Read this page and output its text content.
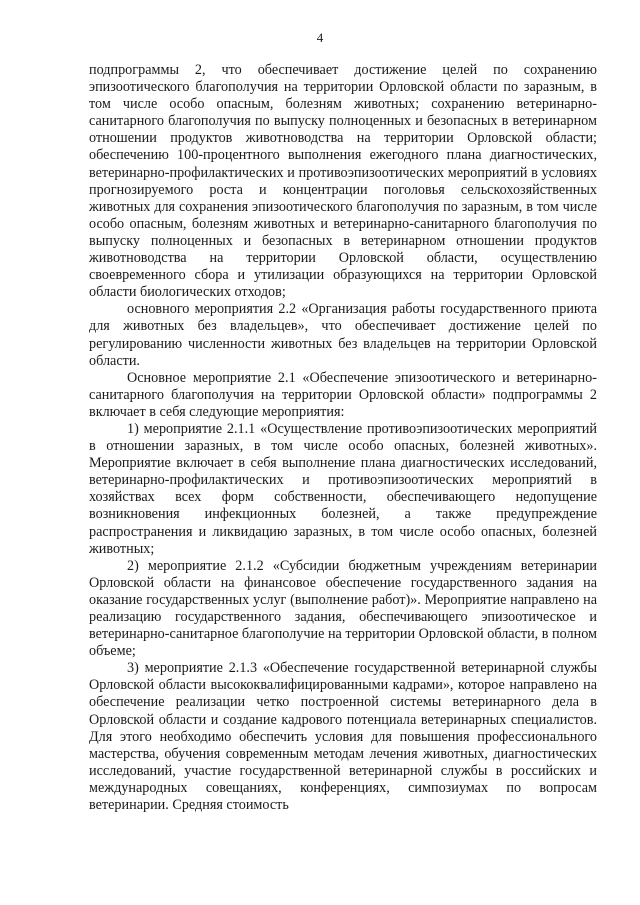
4

подпрограммы 2, что обеспечивает достижение целей по сохранению эпизоотического благополучия на территории Орловской области по заразным, в том числе особо опасным, болезням животных; сохранению ветеринарно-санитарного благополучия по выпуску полноценных и безопасных в ветеринарном отношении продуктов животноводства на территории Орловской области; обеспечению 100-процентного выполнения ежегодного плана диагностических, ветеринарно-профилактических и противоэпизоотических мероприятий в условиях прогнозируемого роста и концентрации поголовья сельскохозяйственных животных для сохранения эпизоотического благополучия по заразным, в том числе особо опасным, болезням животных и ветеринарно-санитарного благополучия по выпуску полноценных и безопасных в ветеринарном отношении продуктов животноводства на территории Орловской области, осуществлению своевременного сбора и утилизации образующихся на территории Орловской области биологических отходов;

основного мероприятия 2.2 «Организация работы государственного приюта для животных без владельцев», что обеспечивает достижение целей по регулированию численности животных без владельцев на территории Орловской области.

Основное мероприятие 2.1 «Обеспечение эпизоотического и ветеринарно-санитарного благополучия на территории Орловской области» подпрограммы 2 включает в себя следующие мероприятия:

1) мероприятие 2.1.1 «Осуществление противоэпизоотических мероприятий в отношении заразных, в том числе особо опасных, болезней животных». Мероприятие включает в себя выполнение плана диагностических исследований, ветеринарно-профилактических и противоэпизоотических мероприятий в хозяйствах всех форм собственности, обеспечивающего недопущение возникновения инфекционных болезней, а также предупреждение распространения и ликвидацию заразных, в том числе особо опасных, болезней животных;

2) мероприятие 2.1.2 «Субсидии бюджетным учреждениям ветеринарии Орловской области на финансовое обеспечение государственного задания на оказание государственных услуг (выполнение работ)». Мероприятие направлено на реализацию государственного задания, обеспечивающего эпизоотическое и ветеринарно-санитарное благополучие на территории Орловской области, в полном объеме;

3) мероприятие 2.1.3 «Обеспечение государственной ветеринарной службы Орловской области высококвалифицированными кадрами», которое направлено на обеспечение реализации четко построенной системы ветеринарного дела в Орловской области и создание кадрового потенциала ветеринарных специалистов. Для этого необходимо обеспечить условия для повышения профессионального мастерства, обучения современным методам лечения животных, диагностических исследований, участие государственной ветеринарной службы в российских и международных совещаниях, конференциях, симпозиумах по вопросам ветеринарии. Средняя стоимость
